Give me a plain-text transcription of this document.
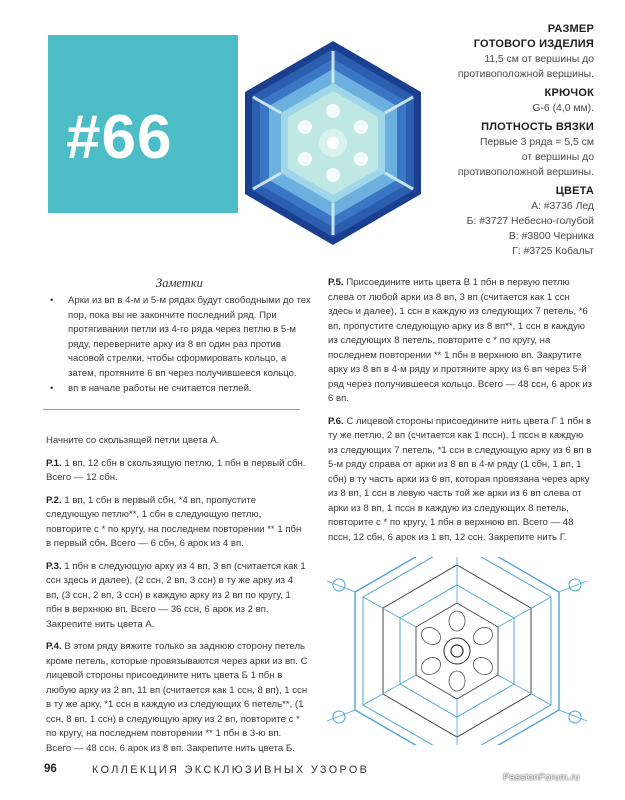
#66
РАЗМЕР
ГОТОВОГО ИЗДЕЛИЯ
11,5 см от вершины до
противоположной вершины.
КРЮЧОК
G-6 (4,0 мм).
ПЛОТНОСТЬ ВЯЗКИ
Первые 3 ряда = 5,5 см
от вершины до
противоположной вершины.
ЦВЕТА
А: #3736 Лед
Б: #3727 Небесно-голубой
В: #3800 Черника
Г: #3725 Кобальт
Заметки
• Арки из вп в 4-м и 5-м рядах будут свободными до тех пор, пока вы не закончите последний ряд. При протягивании петли из 4-го ряда через петлю в 5-м ряду, переверните арку из 8 вп один раз против часовой стрелки, чтобы сформировать кольцо, а затем, протяните 6 вп через получившееся кольцо.
• вп в начале работы не считается петлей.

Начните со скользящей петли цвета А.

Р.1. 1 вп, 12 сбн в скользящую петлю, 1 пбн в первый сбн. Всего — 12 сбн.

Р.2. 1 вп, 1 сбн в первый сбн, *4 вп, пропустите следующую петлю**, 1 сбн в следующую петлю, повторите с * по кругу, на последнем повторении ** 1 пбн в первый сбн. Всего — 6 сбн, 6 арок из 4 вп.

Р.3. 1 пбн в следующую арку из 4 вп, 3 вп (считается как 1 ссн здесь и далее), (2 ссн, 2 вп, 3 ссн) в ту же арку из 4 вп, (3 ссн, 2 вп, 3 ссн) в каждую арку из 2 вп по кругу, 1 пбн в верхнюю вп. Всего — 36 ссн, 6 арок из 2 вп. Закрепите нить цвета А.

Р.4. В этом ряду вяжите только за заднюю сторону петель кроме петель, которые провязываются через арки из вп. С лицевой стороны присоедините нить цвета Б 1 пбн в любую арку из 2 вп, 11 вп (считается как 1 ссн, 8 вп), 1 ссн в ту же арку, *1 ссн в каждую из следующих 6 петель**, (1 ссн, 8 вп, 1 ссн) в следующую арку из 2 вп, повторите с * по кругу, на последнем повторении ** 1 пбн в 3-ю вп. Всего — 48 ссн, 6 арок из 8 вп. Закрепите нить цвета Б.

Р.5. Присоедините нить цвета В 1 пбн в первую петлю слева от любой арки из 8 вп, 3 вп (считается как 1 ссн здесь и далее), 1 ссн в каждую из следующих 7 петель, *6 вп, пропустите следующую арку из 8 вп**, 1 ссн в каждую из следующих 8 петель, повторите с * по кругу, на последнем повторении ** 1 пбн в верхнюю вп. Закрутите арку из 8 вп в 4-м ряду и протяните арку из 6 вп через 5-й ряд через получившееся кольцо. Всего — 48 ссн, 6 арок из 6 вп.

Р.6. С лицевой стороны присоедините нить цвета Г 1 пбн в ту же петлю, 2 вп (считается как 1 пссн), 1 пссн в каждую из следующих 7 петель, *1 ссн в следующую арку из 6 вп в 5-м ряду справа от арки из 8 вп в 4-м ряду (1 сбн, 1 вп, 1 сбн) в ту часть арки из 6 вп, которая провязана через арку из 8 вп, 1 ссн в левую часть той же арки из 6 вп слева от арки из 8 вп, 1 пссн в каждую из следующих 8 петель, повторите с * по кругу, 1 пбн в верхнюю вп. Всего — 48 пссн, 12 сбн, 6 арок из 1 вп, 12 ссн. Закрепите нить Г.

96	КОЛЛЕКЦИЯ ЭКСКЛЮЗИВНЫХ УЗОРОВ
PassionForum.ru
